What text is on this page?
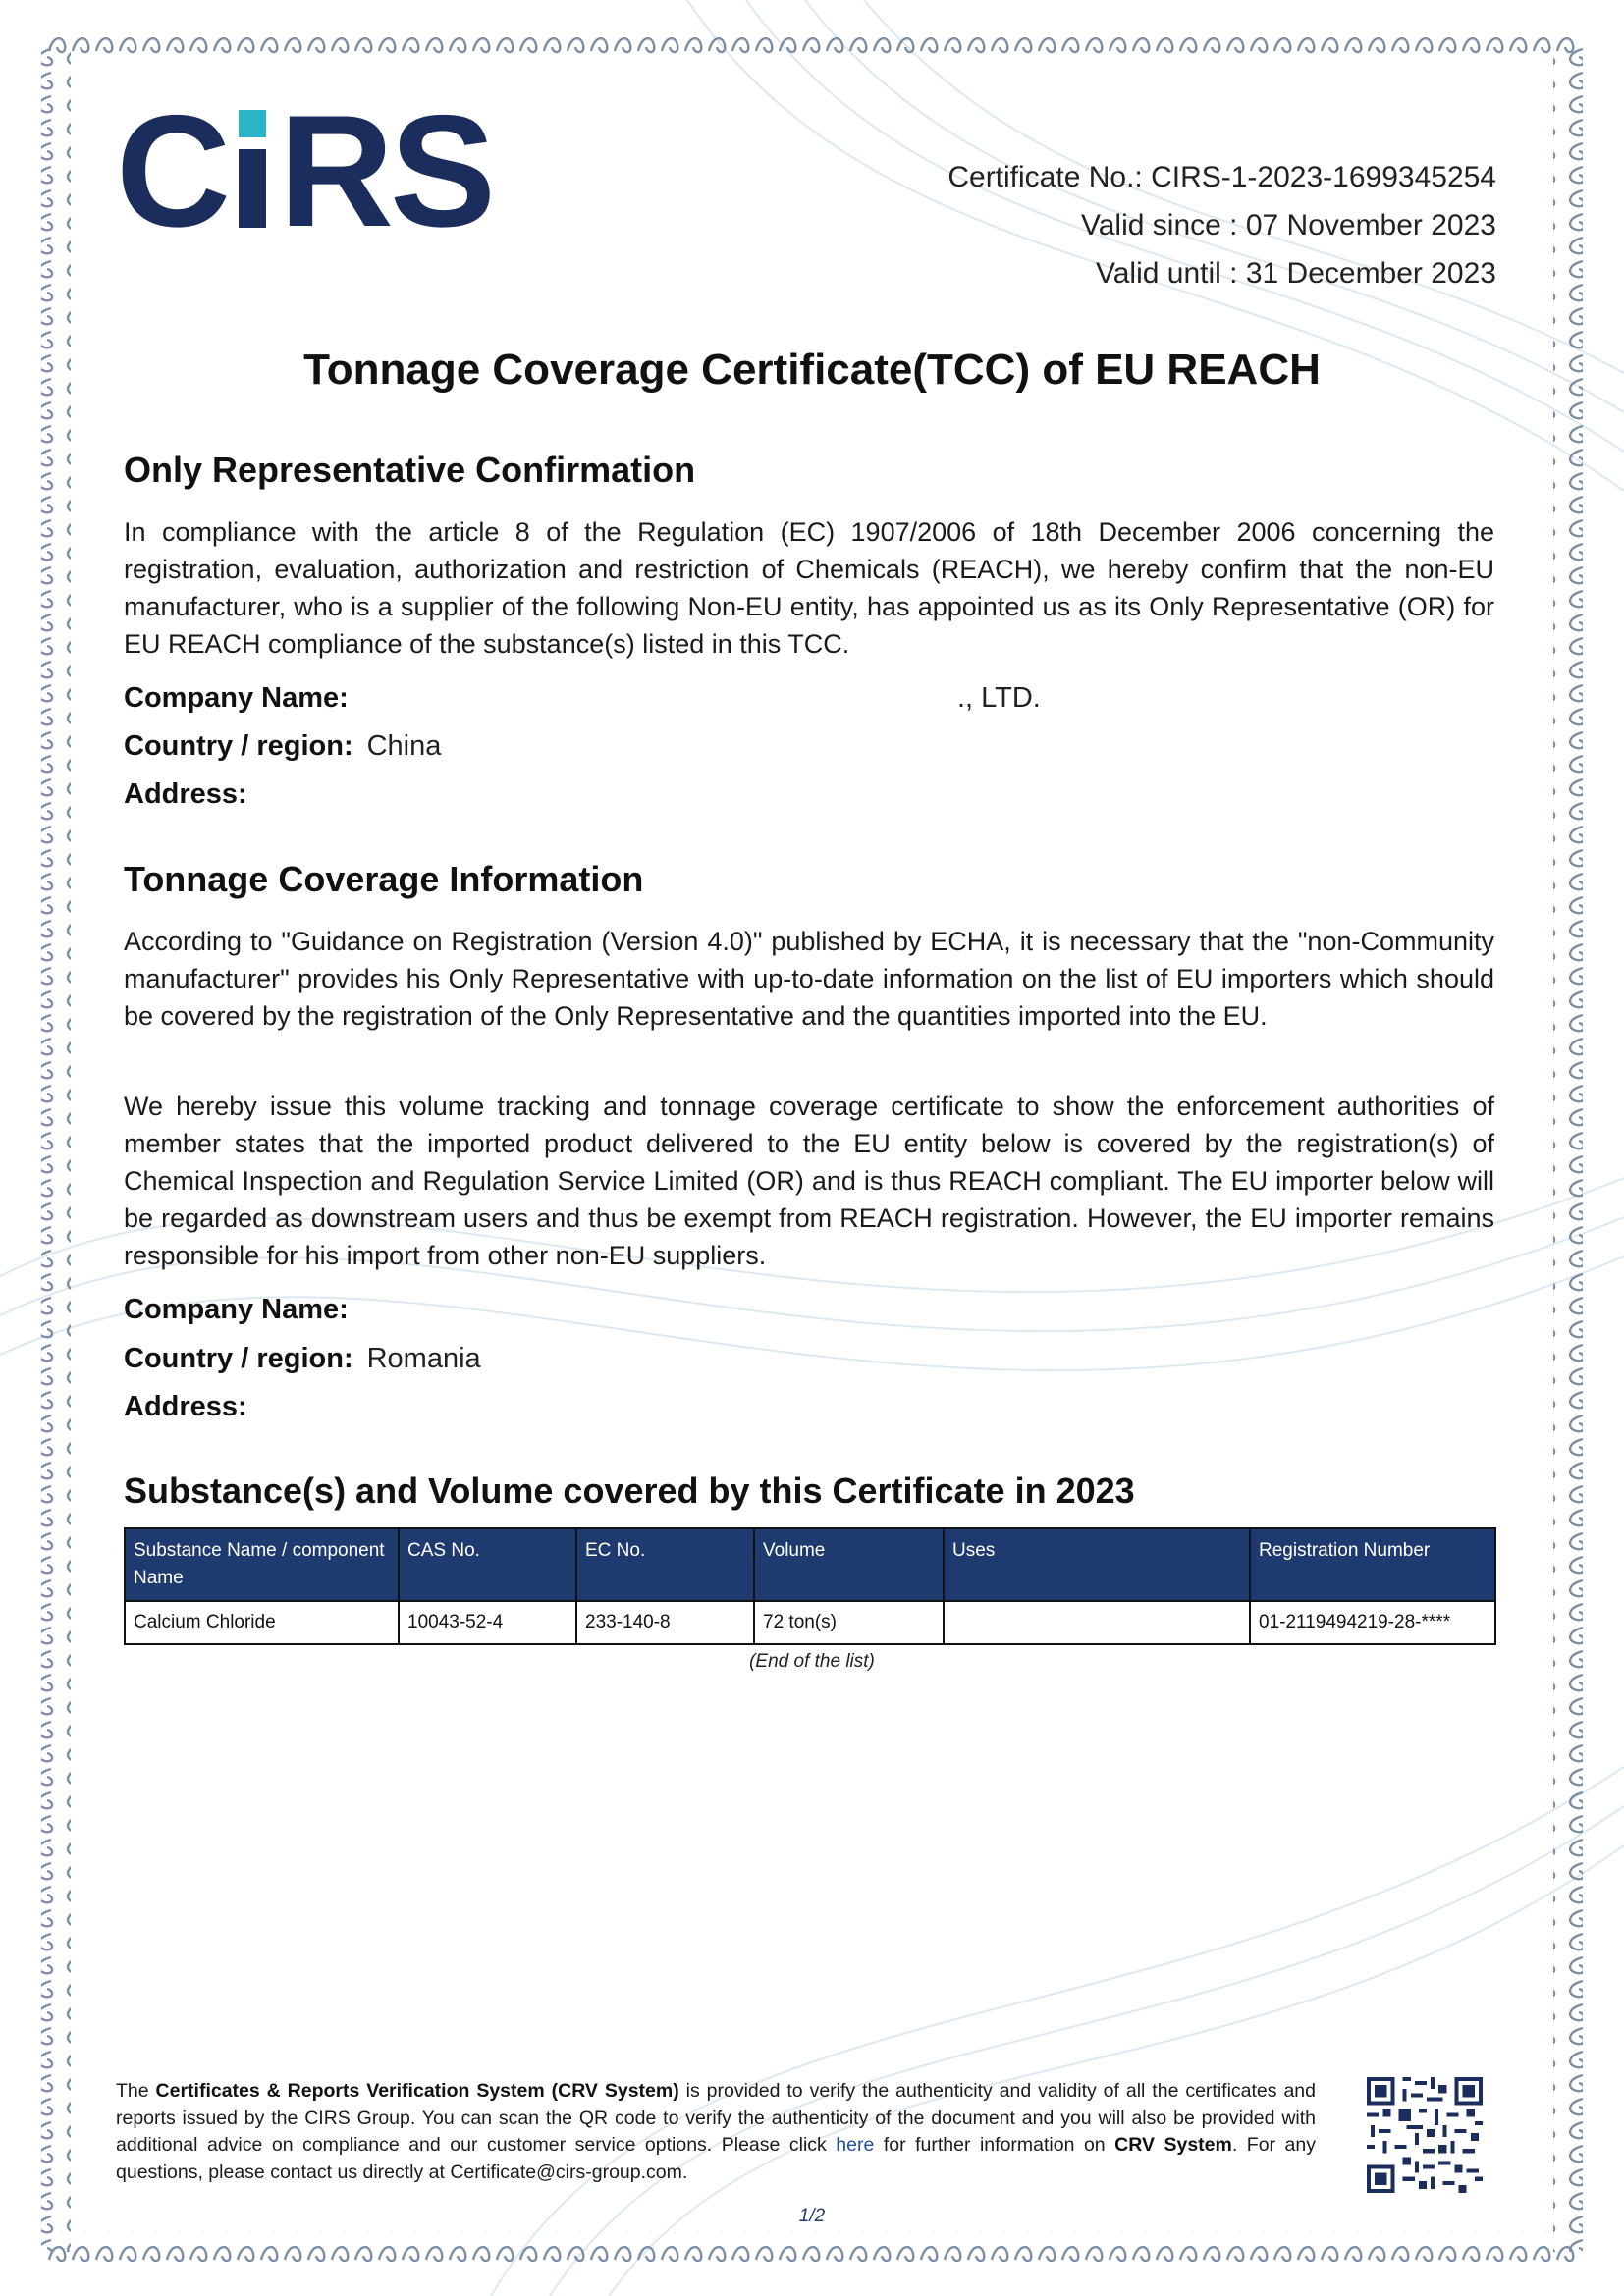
C RS	Certificate No.: CIRS-1-2023-1699345254
Valid since : 07 November 2023
Valid until : 31 December 2023
Tonnage Coverage Certificate(TCC) of EU REACH
Only Representative Confirmation
In compliance with the article 8 of the Regulation (EC) 1907/2006 of 18th December 2006 concerning the registration, evaluation, authorization and restriction of Chemicals (REACH), we hereby confirm that the non-EU manufacturer, who is a supplier of the following Non-EU entity, has appointed us as its Only Representative (OR) for EU REACH compliance of the substance(s) listed in this TCC.
Company Name:	., LTD.
Country / region: China
Address:
Tonnage Coverage Information
According to "Guidance on Registration (Version 4.0)" published by ECHA, it is necessary that the "non-Community manufacturer" provides his Only Representative with up-to-date information on the list of EU importers which should be covered by the registration of the Only Representative and the quantities imported into the EU.
We hereby issue this volume tracking and tonnage coverage certificate to show the enforcement authorities of member states that the imported product delivered to the EU entity below is covered by the registration(s) of Chemical Inspection and Regulation Service Limited (OR) and is thus REACH compliant. The EU importer below will be regarded as downstream users and thus be exempt from REACH registration. However, the EU importer remains responsible for his import from other non-EU suppliers.
Company Name:
Country / region: Romania
Address:
Substance(s) and Volume covered by this Certificate in 2023
Substance Name / component Name	CAS No.	EC No.	Volume	Uses	Registration Number
Calcium Chloride	10043-52-4	233-140-8	72 ton(s)		01-2119494219-28-****
(End of the list)
The Certificates & Reports Verification System (CRV System) is provided to verify the authenticity and validity of all the certificates and reports issued by the CIRS Group. You can scan the QR code to verify the authenticity of the document and you will also be provided with additional advice on compliance and our customer service options. Please click here for further information on CRV System. For any questions, please contact us directly at Certificate@cirs-group.com.
1/2
